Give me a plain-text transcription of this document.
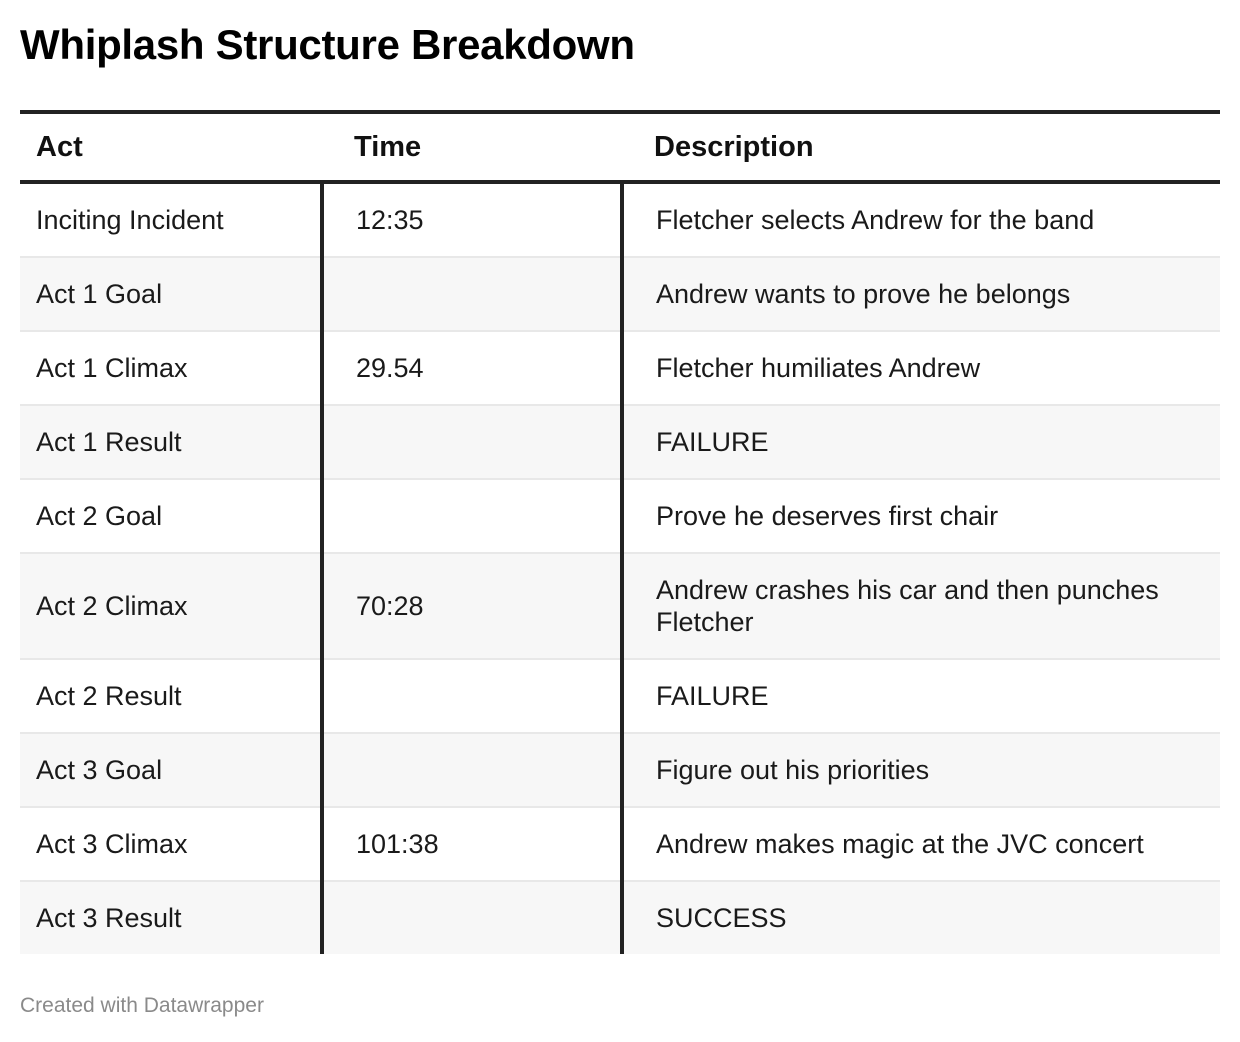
Whiplash Structure Breakdown
Act	Time	Description
Inciting Incident	12:35	Fletcher selects Andrew for the band
Act 1 Goal		Andrew wants to prove he belongs
Act 1 Climax	29.54	Fletcher humiliates Andrew
Act 1 Result		FAILURE
Act 2 Goal		Prove he deserves first chair
Act 2 Climax	70:28	Andrew crashes his car and then punches Fletcher
Act 2 Result		FAILURE
Act 3 Goal		Figure out his priorities
Act 3 Climax	101:38	Andrew makes magic at the JVC concert
Act 3 Result		SUCCESS
Created with Datawrapper
